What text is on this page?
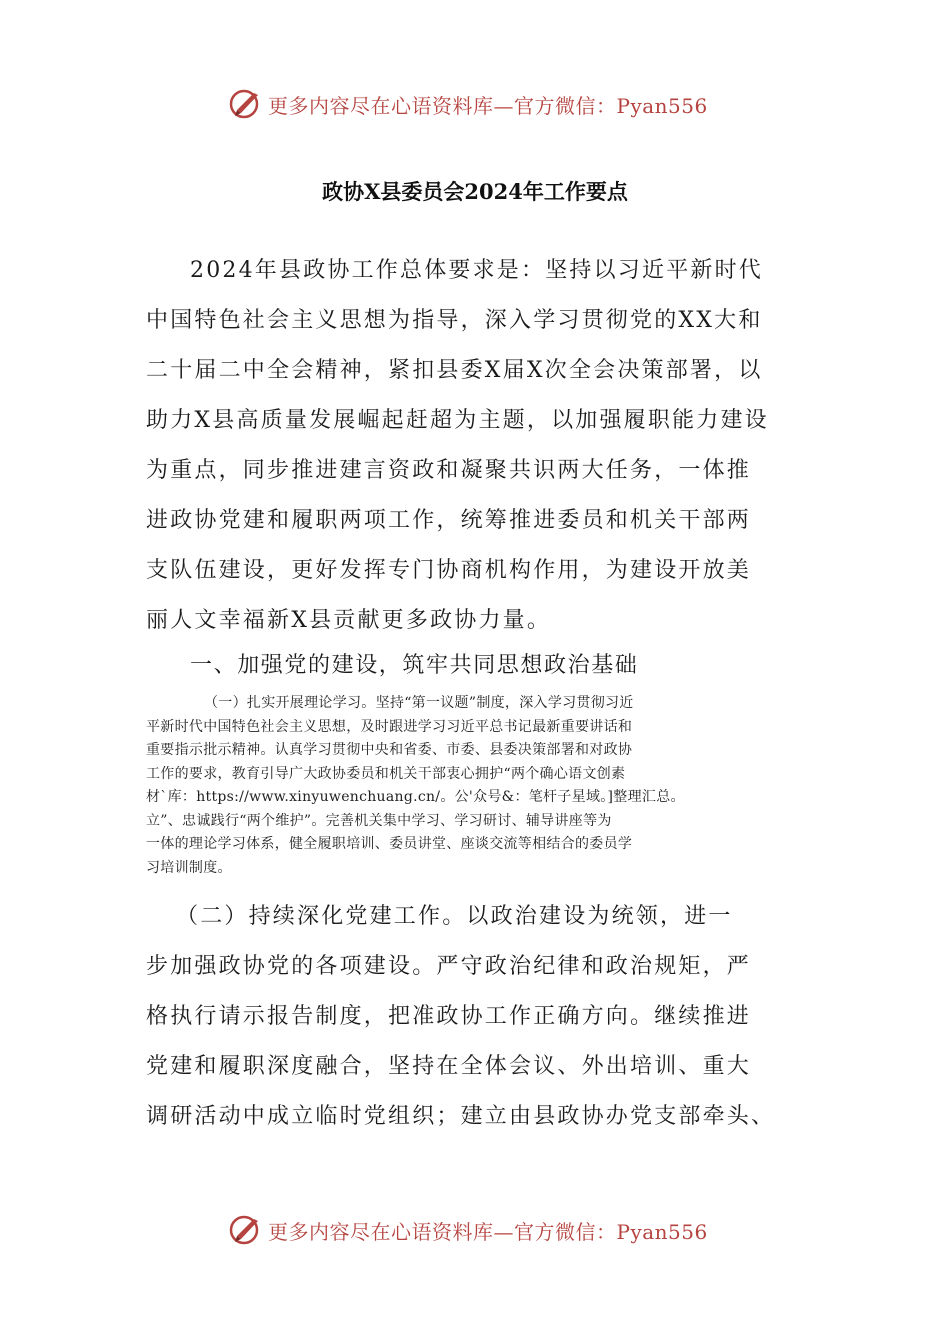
更多内容尽在心语资料库—官方微信：Pyan556
政协X县委员会2024年工作要点
2024年县政协工作总体要求是：坚持以习近平新时代
中国特色社会主义思想为指导，深入学习贯彻党的XX大和
二十届二中全会精神，紧扣县委X届X次全会决策部署，以
助力X县高质量发展崛起赶超为主题，以加强履职能力建设
为重点，同步推进建言资政和凝聚共识两大任务，一体推
进政协党建和履职两项工作，统筹推进委员和机关干部两
支队伍建设，更好发挥专门协商机构作用，为建设开放美
丽人文幸福新X县贡献更多政协力量。
一、加强党的建设，筑牢共同思想政治基础
（一）扎实开展理论学习。坚持“第一议题”制度，深入学习贯彻习近
平新时代中国特色社会主义思想，及时跟进学习习近平总书记最新重要讲话和
重要指示批示精神。认真学习贯彻中央和省委、市委、县委决策部署和对政协
工作的要求，教育引导广大政协委员和机关干部衷心拥护“两个确心语文创素
材`库：https://www.xinyuwenchuang.cn/。公'众号&：笔杆子星域。]整理汇总。
立”、忠诚践行“两个维护”。完善机关集中学习、学习研讨、辅导讲座等为
一体的理论学习体系，健全履职培训、委员讲堂、座谈交流等相结合的委员学
习培训制度。
（二）持续深化党建工作。以政治建设为统领，进一
步加强政协党的各项建设。严守政治纪律和政治规矩，严
格执行请示报告制度，把准政协工作正确方向。继续推进
党建和履职深度融合，坚持在全体会议、外出培训、重大
调研活动中成立临时党组织；建立由县政协办党支部牵头、
更多内容尽在心语资料库—官方微信：Pyan556
